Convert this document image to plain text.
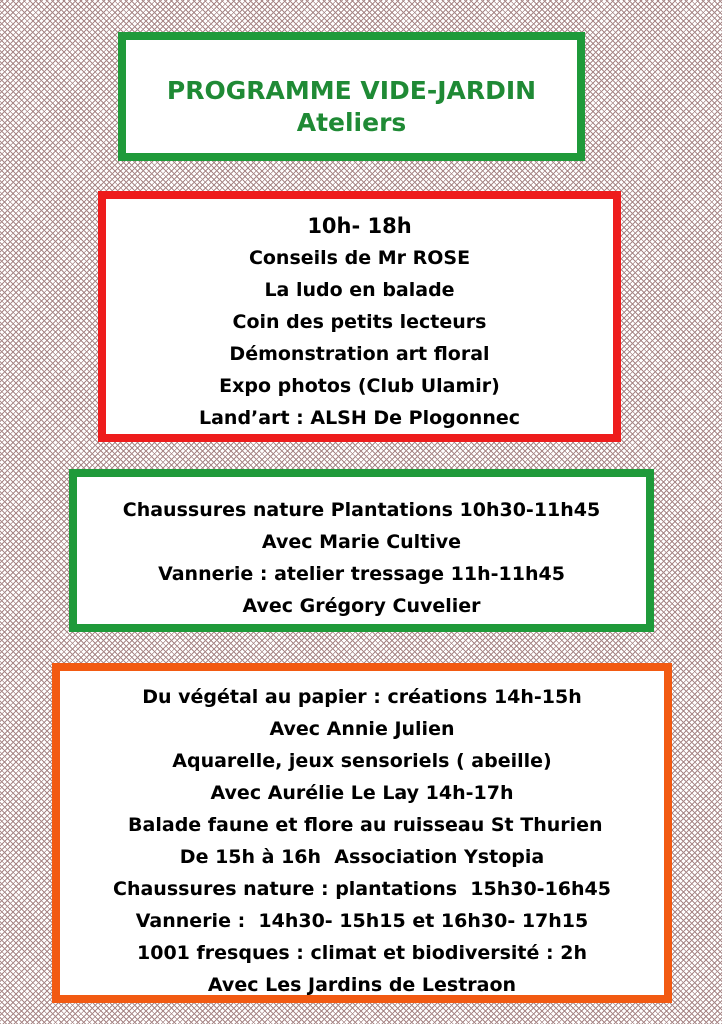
PROGRAMME VIDE-JARDIN

Ateliers

10h- 18h

Conseils de Mr ROSE

La ludo en balade

Coin des petits lecteurs

Démonstration art floral

Expo photos (Club Ulamir)

Land’art : ALSH De Plogonnec

Chaussures nature Plantations 10h30-11h45

Avec Marie Cultive

Vannerie : atelier tressage 11h-11h45

Avec Grégory Cuvelier

Du végétal au papier : créations 14h-15h

Avec Annie Julien

Aquarelle, jeux sensoriels ( abeille)

Avec Aurélie Le Lay 14h-17h

Balade faune et flore au ruisseau St Thurien

De 15h à 16h  Association Ystopia

Chaussures nature : plantations  15h30-16h45

Vannerie :  14h30- 15h15 et 16h30- 17h15

1001 fresques : climat et biodiversité : 2h

Avec Les Jardins de Lestraon
